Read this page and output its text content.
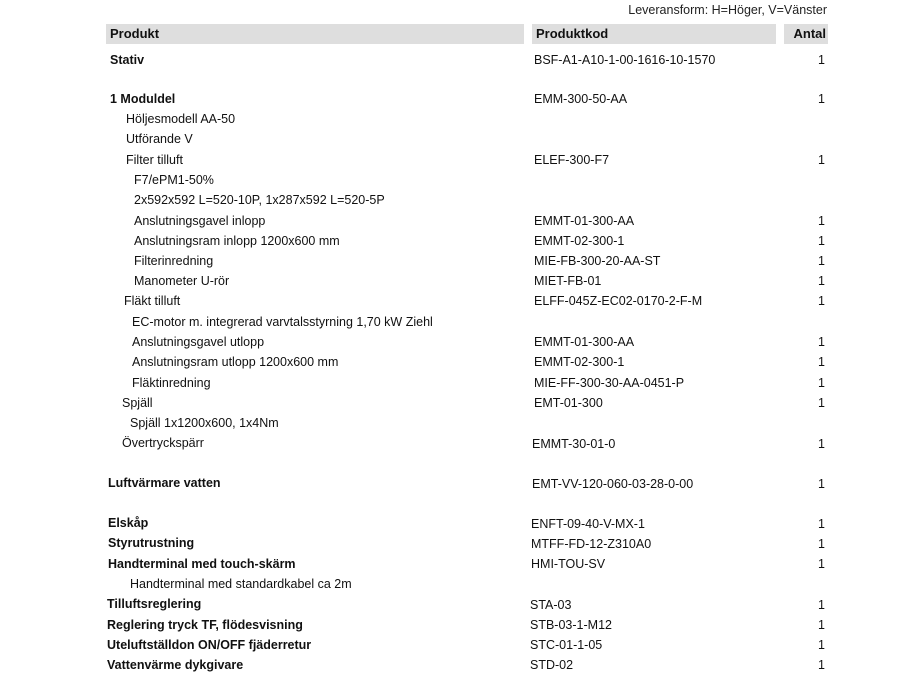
Leveransform: H=Höger, V=Vänster
Produkt	Produktkod	Antal
Stativ	BSF-A1-A10-1-00-1616-10-1570	1
1 Moduldel	EMM-300-50-AA	1
Höljesmodell AA-50
Utförande V
Filter tilluft	ELEF-300-F7	1
F7/ePM1-50%
2x592x592 L=520-10P, 1x287x592 L=520-5P
Anslutningsgavel inlopp	EMMT-01-300-AA	1
Anslutningsram inlopp 1200x600 mm	EMMT-02-300-1	1
Filterinredning	MIE-FB-300-20-AA-ST	1
Manometer U-rör	MIET-FB-01	1
Fläkt tilluft	ELFF-045Z-EC02-0170-2-F-M	1
EC-motor m. integrerad varvtalsstyrning 1,70 kW Ziehl
Anslutningsgavel utlopp	EMMT-01-300-AA	1
Anslutningsram utlopp 1200x600 mm	EMMT-02-300-1	1
Fläktinredning	MIE-FF-300-30-AA-0451-P	1
Spjäll	EMT-01-300	1
Spjäll 1x1200x600, 1x4Nm
Övertryckspärr	EMMT-30-01-0	1
Luftvärmare vatten	EMT-VV-120-060-03-28-0-00	1
Elskåp	ENFT-09-40-V-MX-1	1
Styrutrustning	MTFF-FD-12-Z310A0	1
Handterminal med touch-skärm	HMI-TOU-SV	1
Handterminal med standardkabel ca 2m
Tilluftsreglering	STA-03	1
Reglering tryck TF, flödesvisning	STB-03-1-M12	1
Uteluftställdon ON/OFF fjäderretur	STC-01-1-05	1
Vattenvärme dykgivare	STD-02	1
